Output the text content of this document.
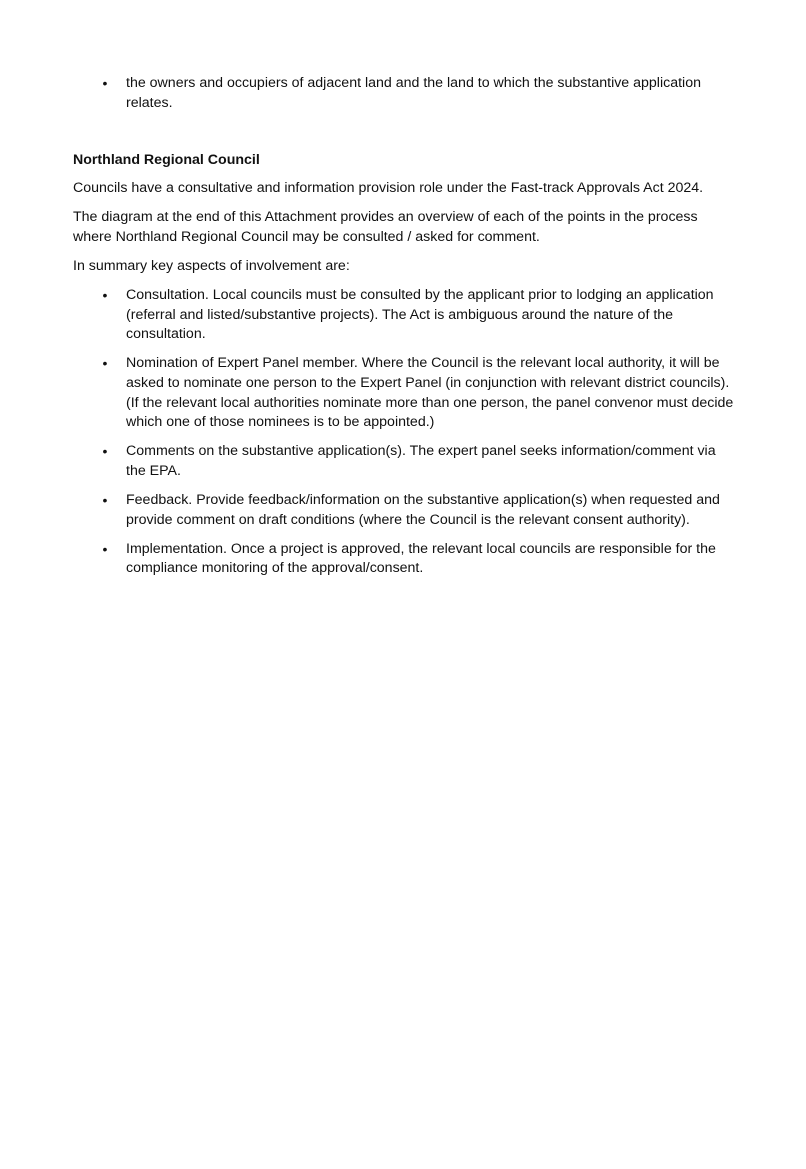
• the owners and occupiers of adjacent land and the land to which the substantive application relates.
Northland Regional Council

Councils have a consultative and information provision role under the Fast-track Approvals Act 2024.

The diagram at the end of this Attachment provides an overview of each of the points in the process where Northland Regional Council may be consulted / asked for comment.

In summary key aspects of involvement are:

• Consultation. Local councils must be consulted by the applicant prior to lodging an application (referral and listed/substantive projects). The Act is ambiguous around the nature of the consultation.
• Nomination of Expert Panel member. Where the Council is the relevant local authority, it will be asked to nominate one person to the Expert Panel (in conjunction with relevant district councils). (If the relevant local authorities nominate more than one person, the panel convenor must decide which one of those nominees is to be appointed.)
• Comments on the substantive application(s). The expert panel seeks information/comment via the EPA.
• Feedback. Provide feedback/information on the substantive application(s) when requested and provide comment on draft conditions (where the Council is the relevant consent authority).
• Implementation. Once a project is approved, the relevant local councils are responsible for the compliance monitoring of the approval/consent.
